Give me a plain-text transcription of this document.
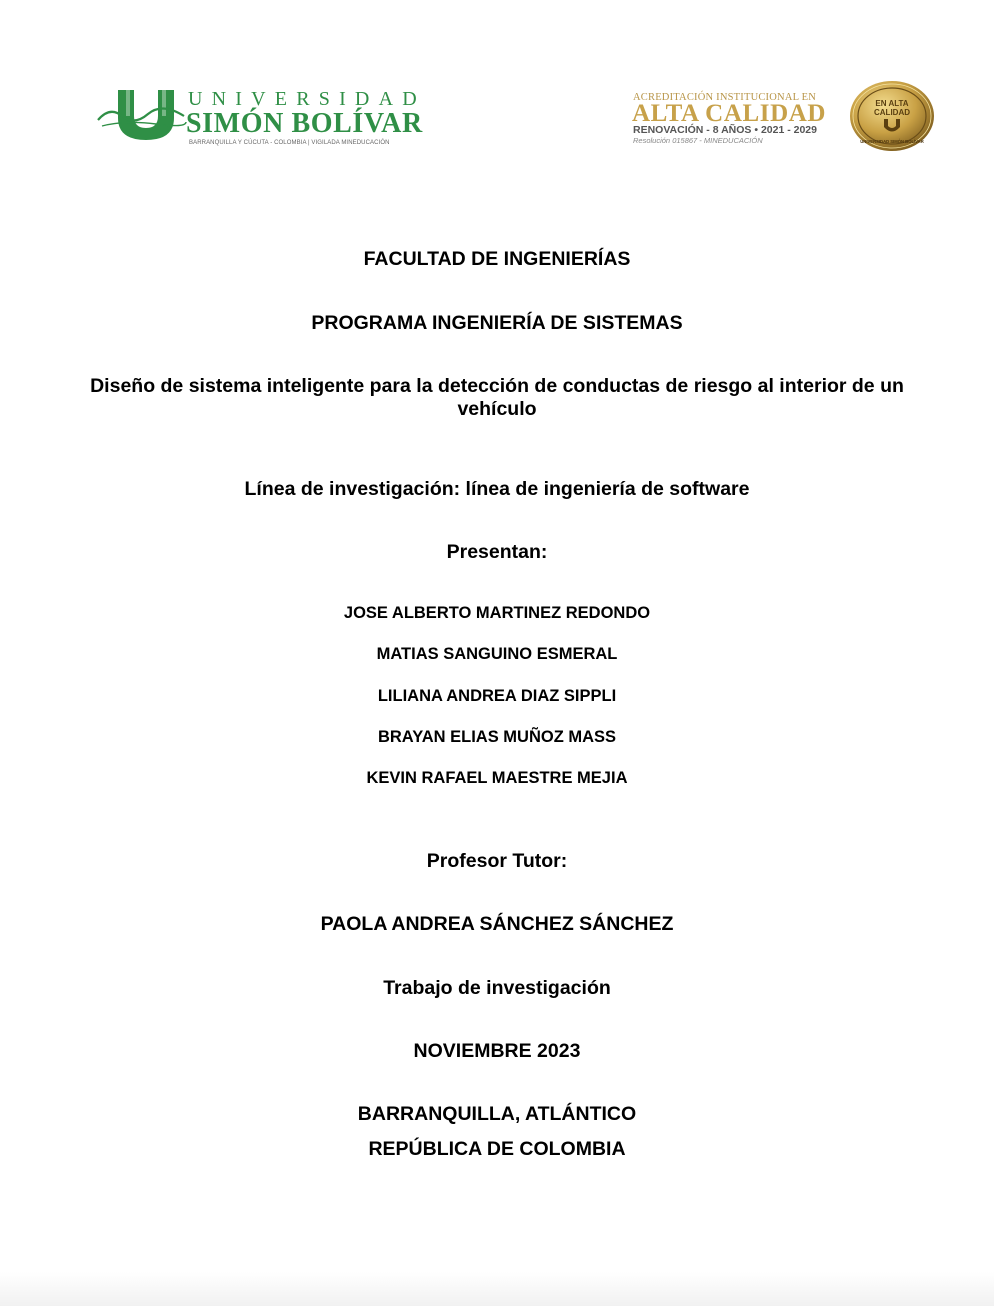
UNIVERSIDAD
SIMÓN BOLÍVAR
BARRANQUILLA Y CÚCUTA - COLOMBIA | VIGILADA MINEDUCACIÓN
ACREDITACIÓN INSTITUCIONAL EN
ALTA CALIDAD
RENOVACIÓN - 8 AÑOS • 2021 - 2029
Resolución 015867 - MINEDUCACIÓN
EN ALTA
CALIDAD
UNIVERSIDAD SIMÓN BOLÍVAR
FACULTAD DE INGENIERÍAS
PROGRAMA INGENIERÍA DE SISTEMAS
Diseño de sistema inteligente para la detección de conductas de riesgo al interior de un
vehículo
Línea de investigación: línea de ingeniería de software
Presentan:
JOSE ALBERTO MARTINEZ REDONDO
MATIAS SANGUINO ESMERAL
LILIANA ANDREA DIAZ SIPPLI
BRAYAN ELIAS MUÑOZ MASS
KEVIN RAFAEL MAESTRE MEJIA
Profesor Tutor:
PAOLA ANDREA SÁNCHEZ SÁNCHEZ
Trabajo de investigación
NOVIEMBRE 2023
BARRANQUILLA, ATLÁNTICO
REPÚBLICA DE COLOMBIA
